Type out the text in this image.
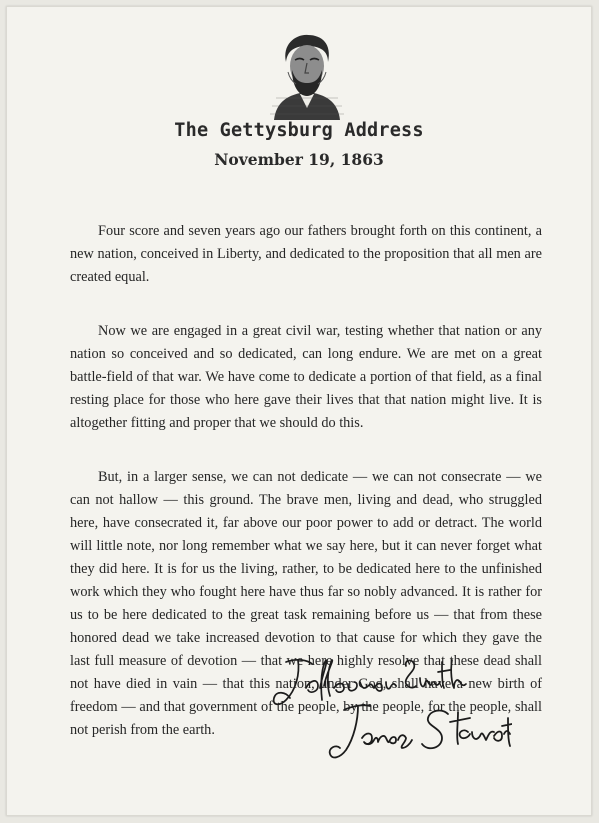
The Gettysburg Address
November 19, 1863

Four score and seven years ago our fathers brought forth on this continent, a new nation, conceived in Liberty, and dedicated to the proposition that all men are created equal.

Now we are engaged in a great civil war, testing whether that nation or any nation so conceived and so dedicated, can long endure. We are met on a great battle-field of that war. We have come to dedicate a portion of that field, as a final resting place for those who here gave their lives that that nation might live. It is altogether fitting and proper that we should do this.

But, in a larger sense, we can not dedicate — we can not consecrate — we can not hallow — this ground. The brave men, living and dead, who struggled here, have consecrated it, far above our poor power to add or detract. The world will little note, nor long remember what we say here, but it can never forget what they did here. It is for us the living, rather, to be dedicated here to the unfinished work which they who fought here have thus far so nobly advanced. It is rather for us to be here dedicated to the great task remaining before us — that from these honored dead we take increased devotion to that cause for which they gave the last full measure of devotion — that we here highly resolve that these dead shall not have died in vain — that this nation, under God, shall have a new birth of freedom — and that government of the people, by the people, for the people, shall not perish from the earth.
